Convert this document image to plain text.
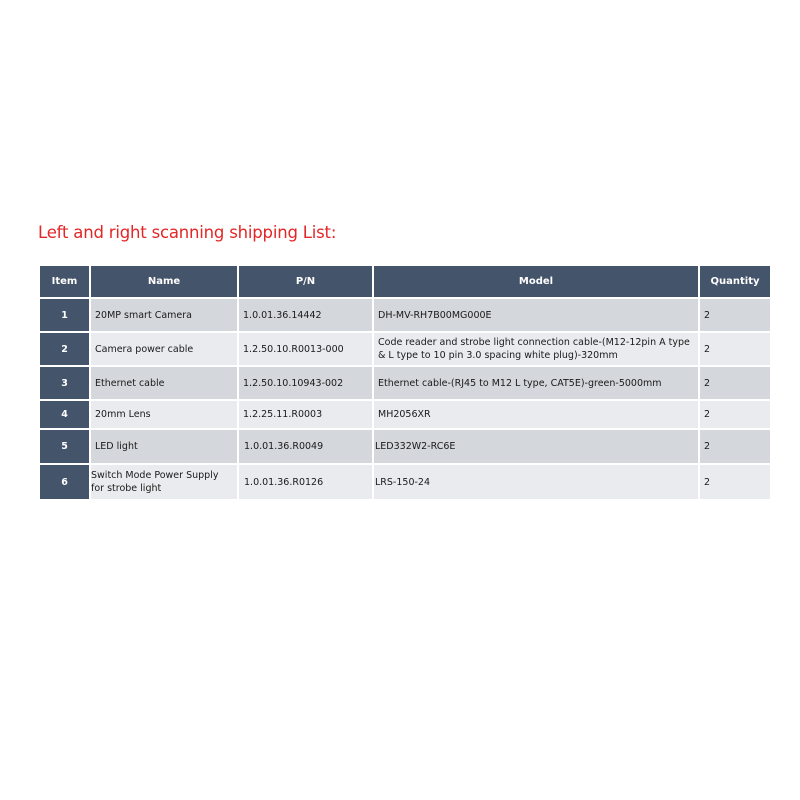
Left and right scanning shipping List:
Item	Name	P/N	Model	Quantity
1	20MP smart Camera	1.0.01.36.14442	DH-MV-RH7B00MG000E	2
2	Camera power cable	1.2.50.10.R0013-000	Code reader and strobe light connection cable-(M12-12pin A type & L type to 10 pin 3.0 spacing white plug)-320mm	2
3	Ethernet cable	1.2.50.10.10943-002	Ethernet cable-(RJ45 to M12 L type, CAT5E)-green-5000mm	2
4	20mm Lens	1.2.25.11.R0003	MH2056XR	2
5	LED light	1.0.01.36.R0049	LED332W2-RC6E	2
6	Switch Mode Power Supply for strobe light	1.0.01.36.R0126	LRS-150-24	2
